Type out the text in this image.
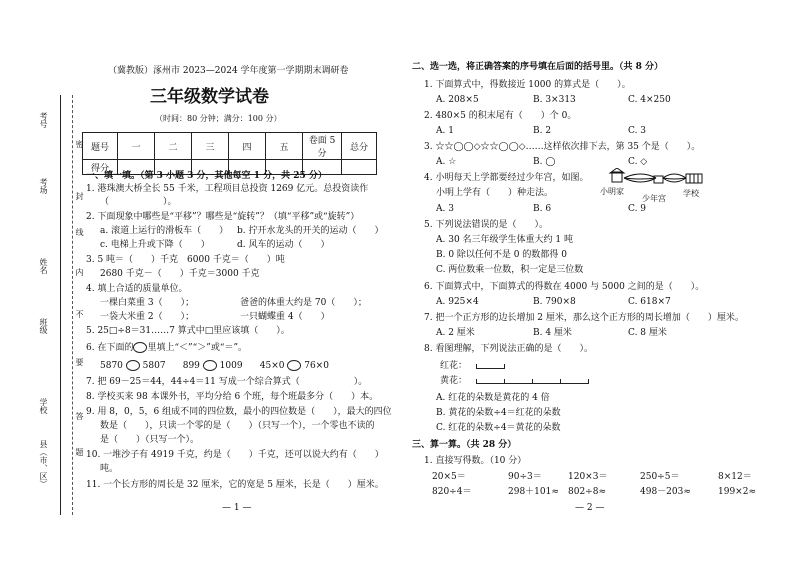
考号
考场
姓名
班级
学校
县（市、区）
密
封
线
内
不
要
答
题
（冀教版）涿州市 2023—2024 学年度第一学期期末调研卷
三年级数学试卷
（时间：80 分钟；满分：100 分）
题号	一	二	三	四	五	卷面 5 分	总分
得分							
一、填一填。（第 3 小题 3 分，其他每空 1 分，共 25 分）
1. 港珠澳大桥全长 55 千米，工程项目总投资 1269 亿元。总投资读作
（　　　　　　）。
2. 下面现象中哪些是“平移”？哪些是“旋转”？（填“平移”或“旋转”）
a. 滚道上运行的滑板车（　　） b. 拧开水龙头的开关的运动（　　）
c. 电梯上升或下降（　　）	d. 风车的运动（　　）
3. 5 吨＝（　　）千克　6000 千克＝（　　）吨
2680 千克－（　　）千克＝3000 千克
4. 填上合适的质量单位。
一棵白菜重 3（　　）；	爸爸的体重大约是 70（　　）；
一袋大米重 2（　　）；	一只蝴蝶重 4（　　）
5. 25□÷8＝31……7 算式中□里应该填（　　）。
6. 在下面的 里填上“＜”“＞”或“＝”。
5870 5807 899 1009 45×0 76×0
7. 把 69－25＝44，44÷4＝11 写成一个综合算式（　　　　　　）。
8. 学校买来 98 本课外书，平均分给 6 个班，每个班最多分（　　）本。
9. 用 8，0，5，6 组成不同的四位数，最小的四位数是（　　），最大的四位
数是（　　），只读一个零的是（　　）（只写一个），一个零也不读的
是（　　）（只写一个）。
10. 一堆沙子有 4919 千克，约是（　　）千克，还可以说大约有（　　）
吨。
11. 一个长方形的周长是 32 厘米，它的宽是 5 厘米，长是（　　）厘米。
— 1 —
二、选一选，将正确答案的序号填在后面的括号里。（共 8 分）
1. 下面算式中，得数接近 1000 的算式是（　　）。
A. 208×5	B. 3×313	C. 4×250
2. 480×5 的积末尾有（　　）个 0。
A. 1	B. 2	C. 3
3. ☆☆◯◯◇☆☆◯◯◇……这样依次排下去，第 35 个是（　　）。
A. ☆	B. ◯	C. ◇
4. 小明每天上学都要经过少年宫，如图。
小明上学有（　　）种走法。	小明家
少年宫
学校
A. 3	B. 6	C. 9
5. 下列说法错误的是（　　）。
A. 30 名三年级学生体重大约 1 吨
B. 0 除以任何不是 0 的数都得 0
C. 两位数乘一位数，积一定是三位数
6. 下面算式中，下面算式的得数在 4000 与 5000 之间的是（　　）。
A. 925×4	B. 790×8	C. 618×7
7. 把一个正方形的边长增加 2 厘米，那么这个正方形的周长增加（　　）厘米。
A. 2 厘米	B. 4 厘米	C. 8 厘米
8. 看图理解，下列说法正确的是（　　）。
红花：
黄花：
A. 红花的朵数是黄花的 4 倍
B. 黄花的朵数÷4＝红花的朵数
C. 红花的朵数÷4＝黄花的朵数
三、算一算。（共 28 分）
1. 直接写得数。（10 分）
20×5＝	90÷3＝	120×3＝	250÷5＝	8×12＝
820÷4＝	298＋101≈ 802÷8≈	498－203≈	199×2≈
— 2 —
